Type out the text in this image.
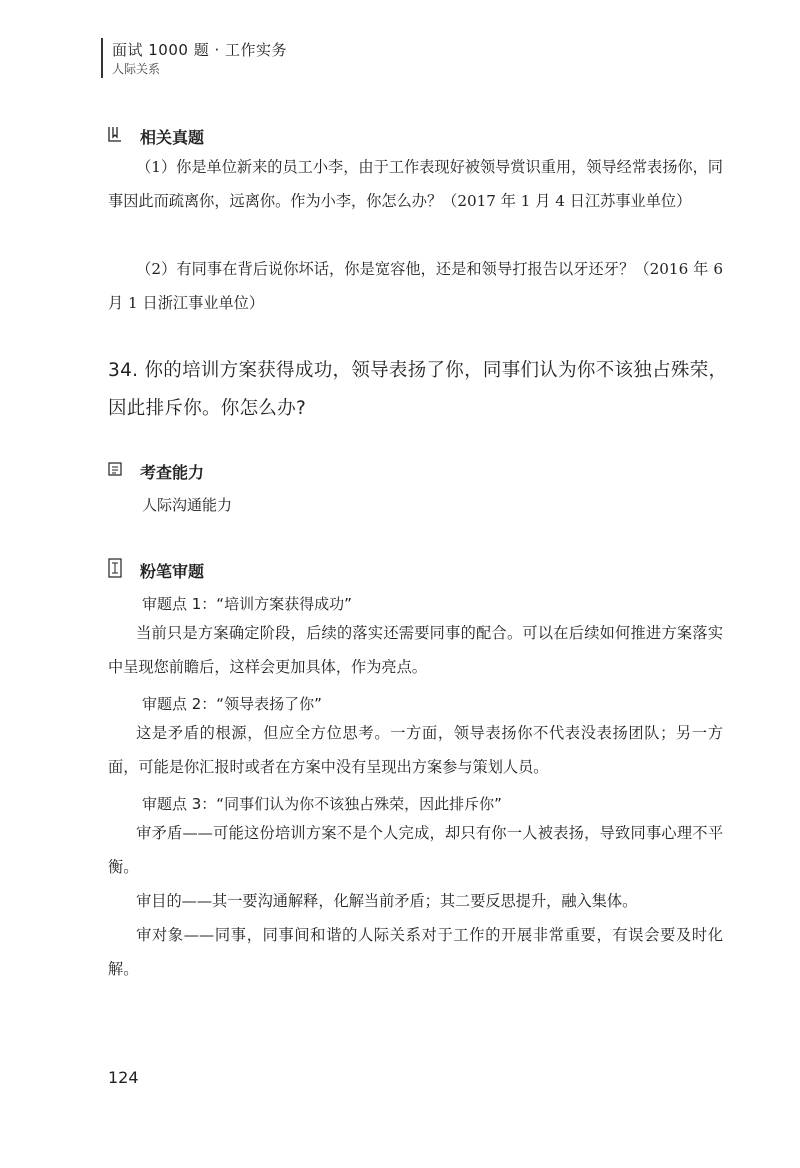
面试 1000 题 · 工作实务
人际关系
相关真题

（1）你是单位新来的员工小李，由于工作表现好被领导赏识重用，领导经常表扬你，同事因此而疏离你，远离你。作为小李，你怎么办？（2017 年 1 月 4 日江苏事业单位）

（2）有同事在背后说你坏话，你是宽容他，还是和领导打报告以牙还牙？（2016 年 6 月 1 日浙江事业单位）

34. 你的培训方案获得成功，领导表扬了你，同事们认为你不该独占殊荣，因此排斥你。你怎么办?

考查能力
人际沟通能力
粉笔审题
审题点 1：“培训方案获得成功”

当前只是方案确定阶段，后续的落实还需要同事的配合。可以在后续如何推进方案落实中呈现您前瞻后，这样会更加具体，作为亮点。

审题点 2：“领导表扬了你”

这是矛盾的根源，但应全方位思考。一方面，领导表扬你不代表没表扬团队；另一方面，可能是你汇报时或者在方案中没有呈现出方案参与策划人员。

审题点 3：“同事们认为你不该独占殊荣，因此排斥你”

审矛盾——可能这份培训方案不是个人完成，却只有你一人被表扬，导致同事心理不平衡。

审目的——其一要沟通解释，化解当前矛盾；其二要反思提升，融入集体。

审对象——同事，同事间和谐的人际关系对于工作的开展非常重要，有误会要及时化解。

124
